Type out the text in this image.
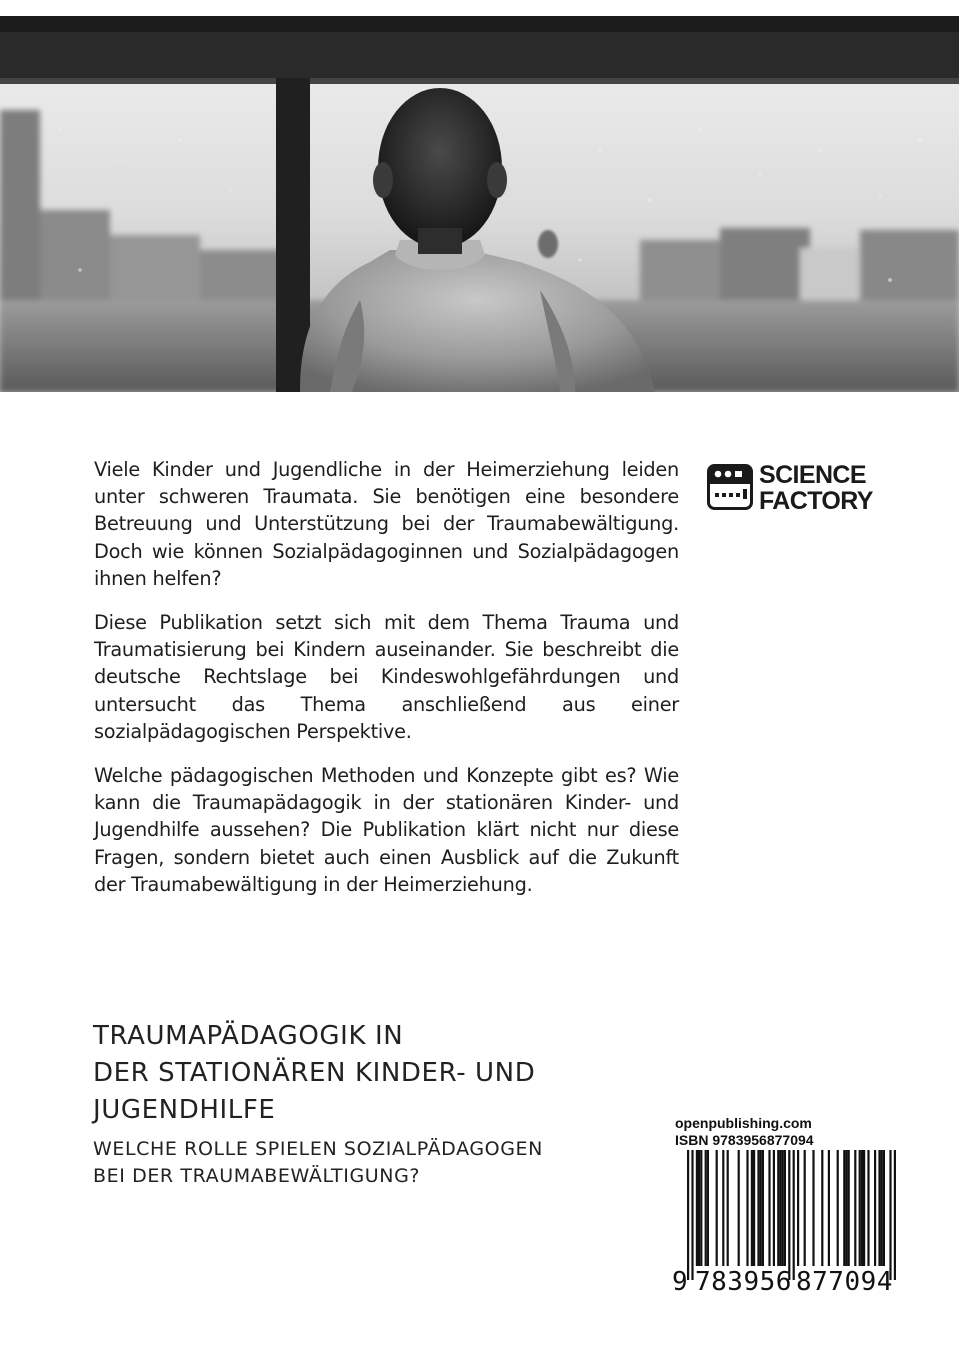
Viele Kinder und Jugendliche in der Heimerziehung leiden unter schweren Traumata. Sie benötigen eine besondere Betreuung und Unterstützung bei der Traumabewältigung. Doch wie können Sozialpädagoginnen und Sozialpädagogen ihnen helfen?

Diese Publikation setzt sich mit dem Thema Trauma und Traumatisierung bei Kindern auseinander. Sie beschreibt die deutsche Rechtslage bei Kindeswohlgefährdungen und untersucht das Thema anschließend aus einer sozialpädagogischen Perspektive.

Welche pädagogischen Methoden und Konzepte gibt es? Wie kann die Traumapädagogik in der stationären Kinder- und Jugendhilfe aussehen? Die Publikation klärt nicht nur diese Fragen, sondern bietet auch einen Ausblick auf die Zukunft der Traumabewältigung in der Heimerziehung.

SCIENCE
FACTORY
TRAUMAPÄDAGOGIK IN
DER STATIONÄREN KINDER- UND
JUGENDHILFE
WELCHE ROLLE SPIELEN SOZIALPÄDAGOGEN
BEI DER TRAUMABEWÄLTIGUNG?
openpublishing.com
ISBN 9783956877094
9 783956 877094
